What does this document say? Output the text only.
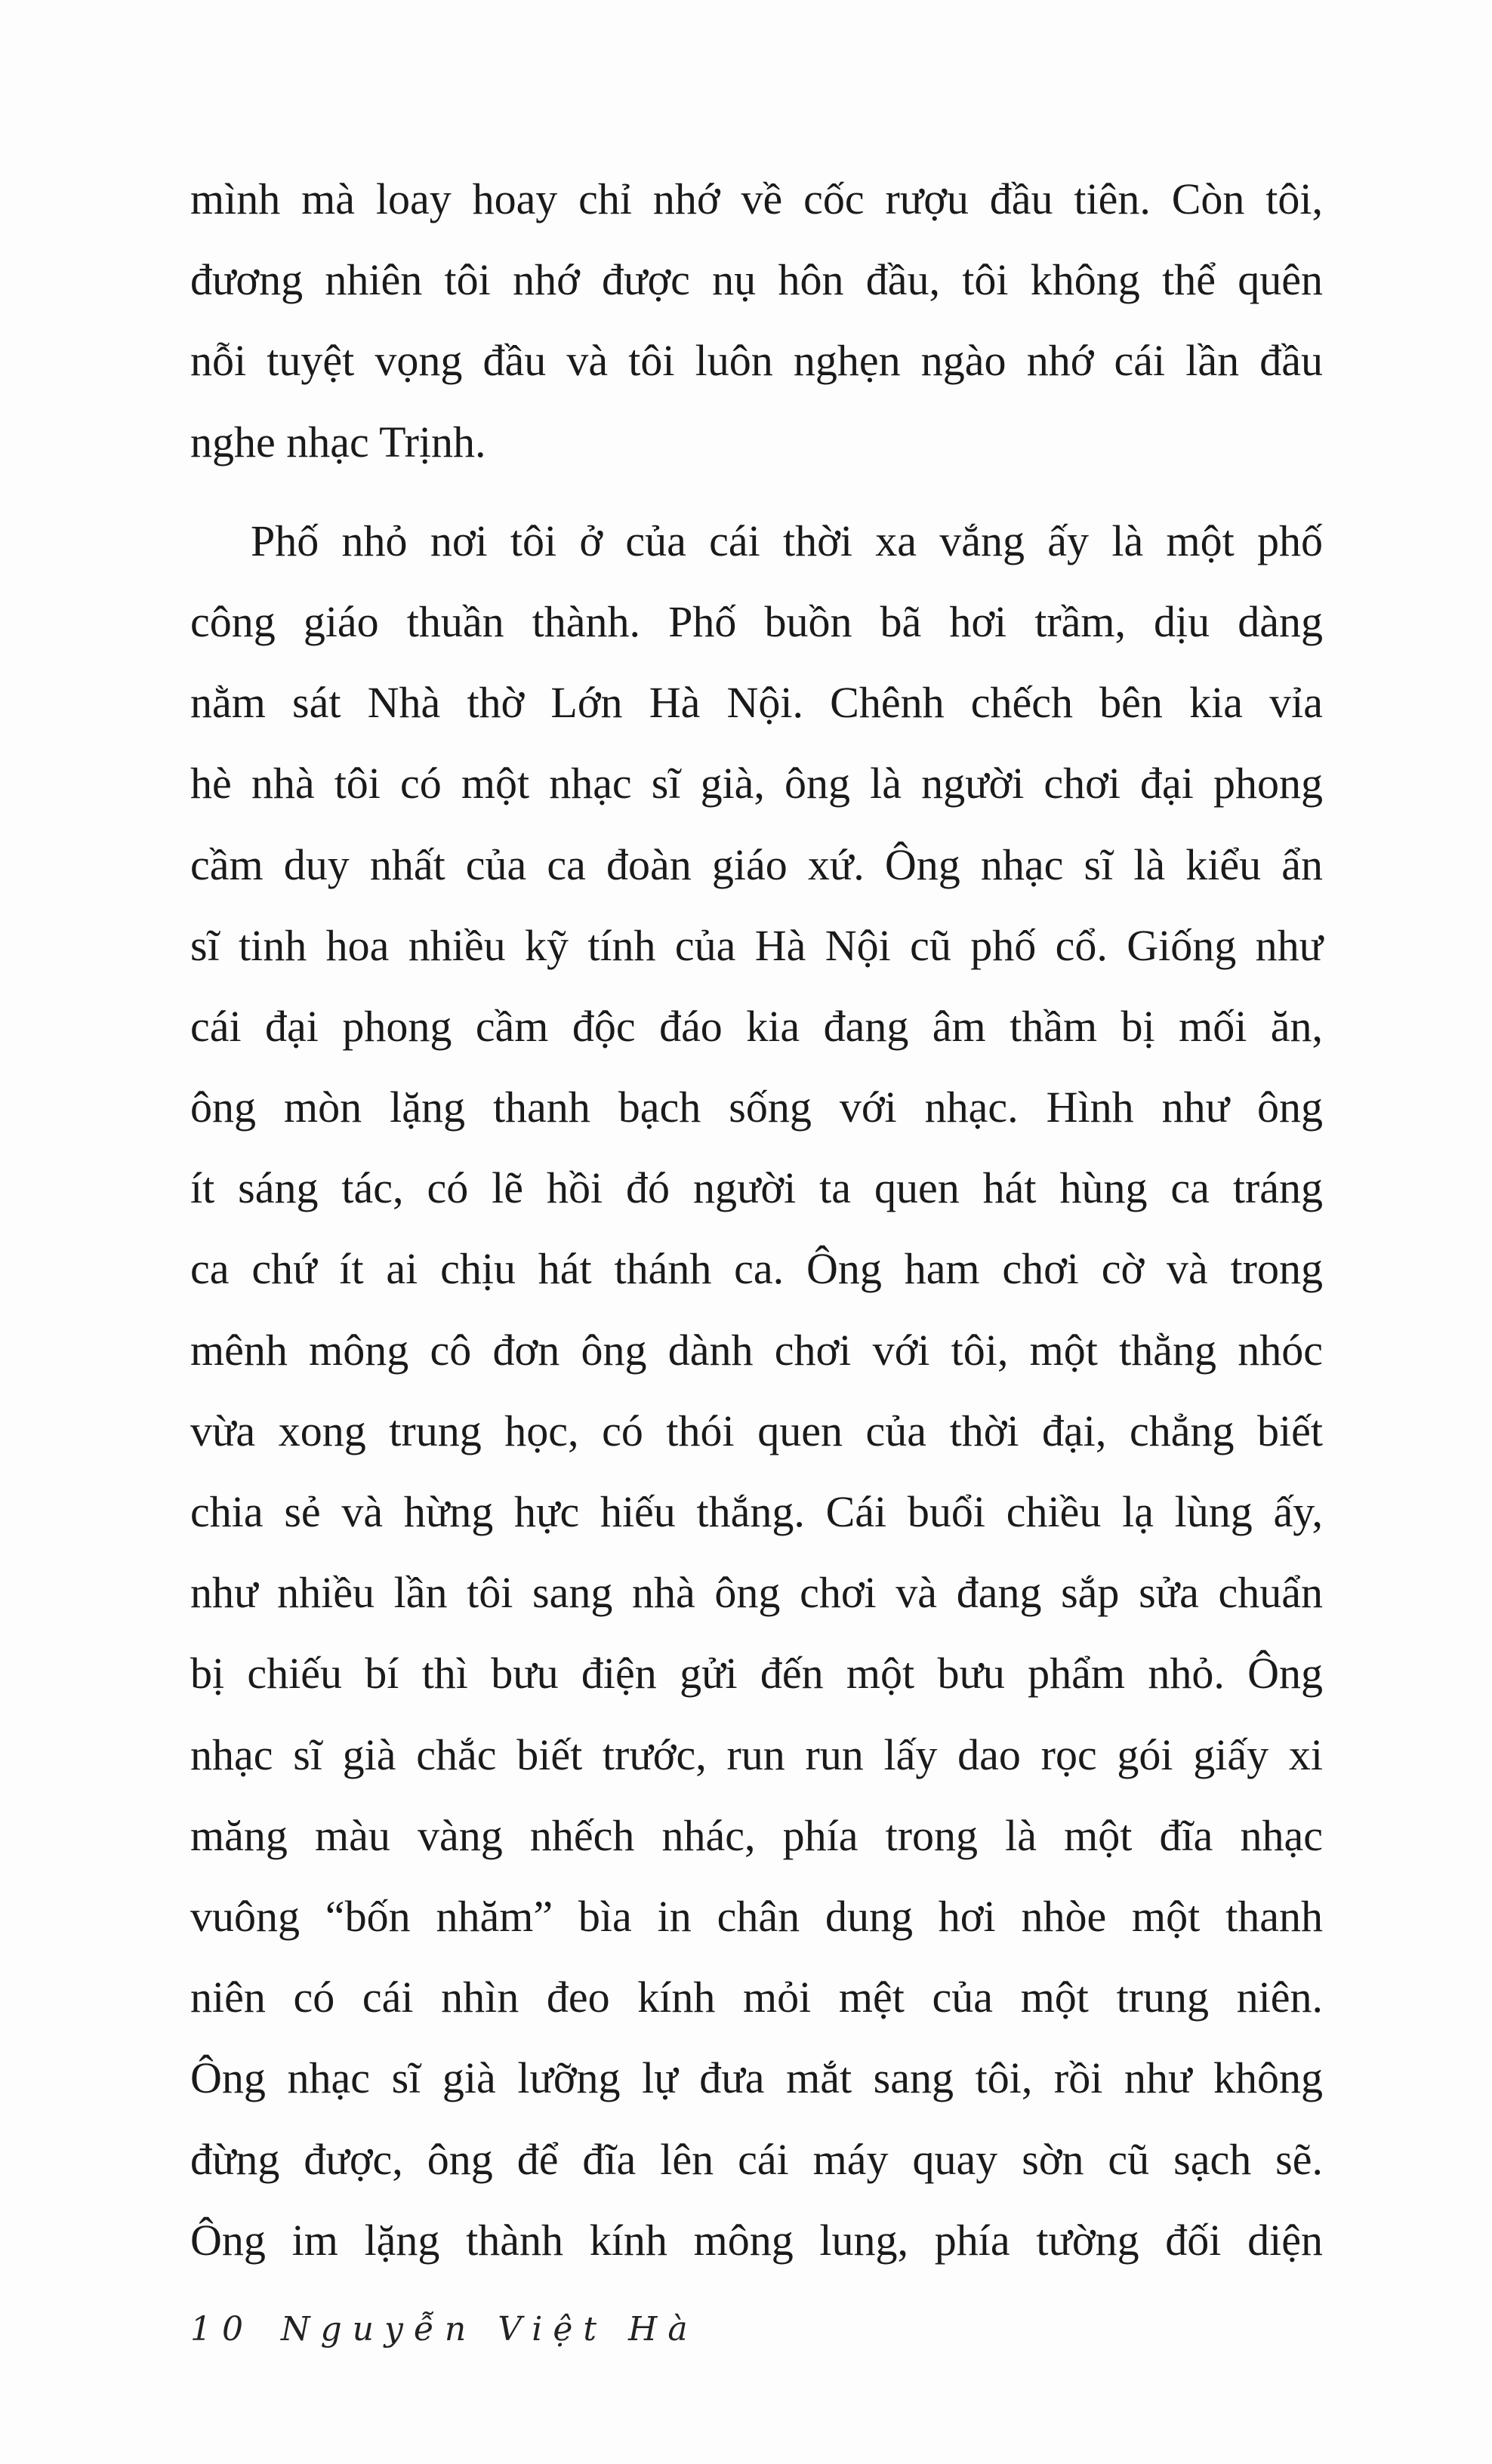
mình mà loay hoay chỉ nhớ về cốc rượu đầu tiên. Còn tôi,
đương nhiên tôi nhớ được nụ hôn đầu, tôi không thể quên
nỗi tuyệt vọng đầu và tôi luôn nghẹn ngào nhớ cái lần đầu
nghe nhạc Trịnh.
Phố nhỏ nơi tôi ở của cái thời xa vắng ấy là một phố
công giáo thuần thành. Phố buồn bã hơi trầm, dịu dàng
nằm sát Nhà thờ Lớn Hà Nội. Chênh chếch bên kia vỉa
hè nhà tôi có một nhạc sĩ già, ông là người chơi đại phong
cầm duy nhất của ca đoàn giáo xứ. Ông nhạc sĩ là kiểu ẩn
sĩ tinh hoa nhiều kỹ tính của Hà Nội cũ phố cổ. Giống như
cái đại phong cầm độc đáo kia đang âm thầm bị mối ăn,
ông mòn lặng thanh bạch sống với nhạc. Hình như ông
ít sáng tác, có lẽ hồi đó người ta quen hát hùng ca tráng
ca chứ ít ai chịu hát thánh ca. Ông ham chơi cờ và trong
mênh mông cô đơn ông dành chơi với tôi, một thằng nhóc
vừa xong trung học, có thói quen của thời đại, chẳng biết
chia sẻ và hừng hực hiếu thắng. Cái buổi chiều lạ lùng ấy,
như nhiều lần tôi sang nhà ông chơi và đang sắp sửa chuẩn
bị chiếu bí thì bưu điện gửi đến một bưu phẩm nhỏ. Ông
nhạc sĩ già chắc biết trước, run run lấy dao rọc gói giấy xi
măng màu vàng nhếch nhác, phía trong là một đĩa nhạc
vuông “bốn nhăm” bìa in chân dung hơi nhòe một thanh
niên có cái nhìn đeo kính mỏi mệt của một trung niên.
Ông nhạc sĩ già lưỡng lự đưa mắt sang tôi, rồi như không
đừng được, ông để đĩa lên cái máy quay sờn cũ sạch sẽ.
Ông im lặng thành kính mông lung, phía tường đối diện
10 Nguyễn Việt Hà
